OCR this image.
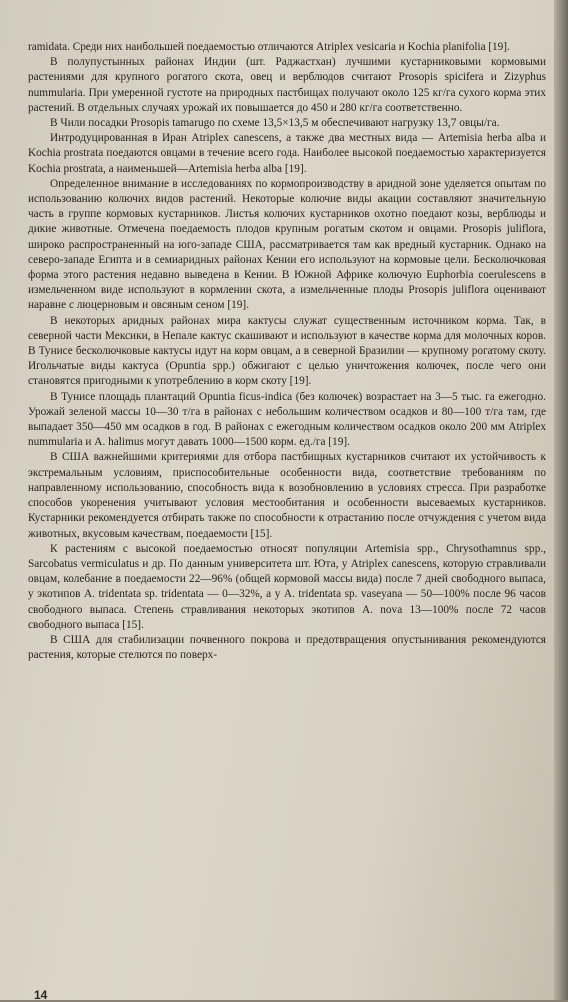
ramidata. Среди них наибольшей поедаемостью отличаются Atriplex vesicaria и Kochia planifolia [19].

В полупустынных районах Индии (шт. Раджастхан) лучшими кустарниковыми кормовыми растениями для крупного рогатого скота, овец и верблюдов считают Prosopis spicifera и Zizyphus nummularia. При умеренной густоте на природных пастбищах получают около 125 кг/га сухого корма этих растений. В отдельных случаях урожай их повышается до 450 и 280 кг/га соответственно.

В Чили посадки Prosopis tamarugo по схеме 13,5×13,5 м обеспечивают нагрузку 13,7 овцы/га.

Интродуцированная в Иран Atriplex canescens, а также два местных вида — Artemisia herba alba и Kochia prostrata поедаются овцами в течение всего года. Наиболее высокой поедаемостью характеризуется Kochia prostrata, а наименьшей—Artemisia herba alba [19].

Определенное внимание в исследованиях по кормопроизводству в аридной зоне уделяется опытам по использованию колючих видов растений. Некоторые колючие виды акации составляют значительную часть в группе кормовых кустарников. Листья колючих кустарников охотно поедают козы, верблюды и дикие животные. Отмечена поедаемость плодов крупным рогатым скотом и овцами. Prosopis juliflora, широко распространенный на юго-западе США, рассматривается там как вредный кустарник. Однако на северо-западе Египта и в семиаридных районах Кении его используют на кормовые цели. Бесколючковая форма этого растения недавно выведена в Кении. В Южной Африке колючую Euphorbia coerulescens в измельченном виде используют в кормлении скота, а измельченные плоды Prosopis juliflora оценивают наравне с люцерновым и овсяным сеном [19].

В некоторых аридных районах мира кактусы служат существенным источником корма. Так, в северной части Мексики, в Непале кактус скашивают и используют в качестве корма для молочных коров. В Тунисе бесколючковые кактусы идут на корм овцам, а в северной Бразилии — крупному рогатому скоту. Игольчатые виды кактуса (Opuntia spp.) обжигают с целью уничтожения колючек, после чего они становятся пригодными к употреблению в корм скоту [19].

В Тунисе площадь плантаций Opuntia ficus-indica (без колючек) возрастает на 3—5 тыс. га ежегодно. Урожай зеленой массы 10—30 т/га в районах с небольшим количеством осадков и 80—100 т/га там, где выпадает 350—450 мм осадков в год. В районах с ежегодным количеством осадков около 200 мм Atriplex nummularia и A. halimus могут давать 1000—1500 корм. ед./га [19].

В США важнейшими критериями для отбора пастбищных кустарников считают их устойчивость к экстремальным условиям, приспособительные особенности вида, соответствие требованиям по направленному использованию, способность вида к возобновлению в условиях стресса. При разработке способов укоренения учитывают условия местообитания и особенности высеваемых кустарников. Кустарники рекомендуется отбирать также по способности к отрастанию после отчуждения с учетом вида животных, вкусовым качествам, поедаемости [15].

К растениям с высокой поедаемостью относят популяции Artemisia spp., Chrysothamnus spp., Sarcobatus vermiculatus и др. По данным университета шт. Юта, у Atriplex canescens, которую стравливали овцам, колебание в поедаемости 22—96% (общей кормовой массы вида) после 7 дней свободного выпаса, у экотипов A. tridentata sp. tridentata — 0—32%, а у A. tridentata sp. vaseyana — 50—100% после 96 часов свободного выпаса. Степень стравливания некоторых экотипов A. nova 13—100% после 72 часов свободного выпаса [15].

В США для стабилизации почвенного покрова и предотвращения опустынивания рекомендуются растения, которые стелются по поверх-

14
